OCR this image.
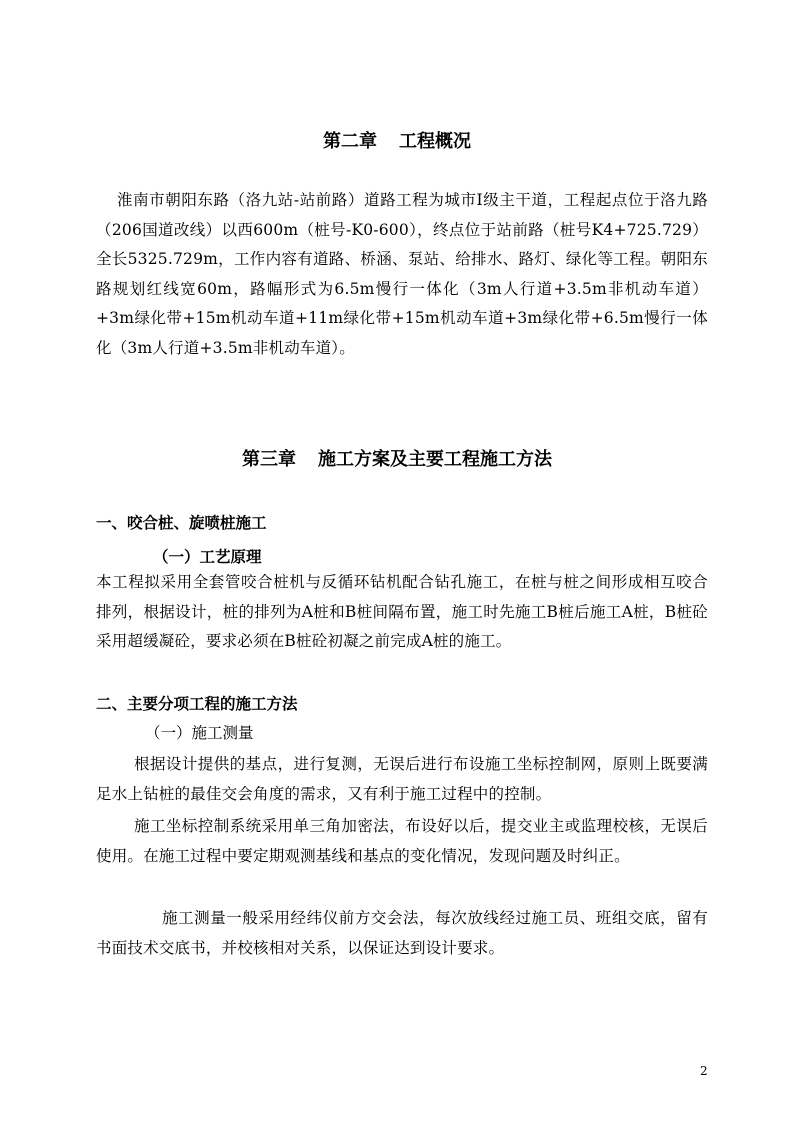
第二章 工程概况

淮南市朝阳东路（洛九站-站前路）道路工程为城市Ⅰ级主干道，工程起点位于洛九路（206国道改线）以西600m（桩号-K0-600），终点位于站前路（桩号K4+725.729）全长5325.729m，工作内容有道路、桥涵、泵站、给排水、路灯、绿化等工程。朝阳东路规划红线宽60m，路幅形式为6.5m慢行一体化（3m人行道+3.5m非机动车道）+3m绿化带+15m机动车道+11m绿化带+15m机动车道+3m绿化带+6.5m慢行一体化（3m人行道+3.5m非机动车道）。

第三章 施工方案及主要工程施工方法
一、咬合桩、旋喷桩施工
（一）工艺原理

本工程拟采用全套管咬合桩机与反循环钻机配合钻孔施工，在桩与桩之间形成相互咬合排列，根据设计，桩的排列为A桩和B桩间隔布置，施工时先施工B桩后施工A桩，B桩砼采用超缓凝砼，要求必须在B桩砼初凝之前完成A桩的施工。

二、主要分项工程的施工方法
（一）施工测量

根据设计提供的基点，进行复测，无误后进行布设施工坐标控制网，原则上既要满足水上钻桩的最佳交会角度的需求，又有利于施工过程中的控制。

施工坐标控制系统采用单三角加密法，布设好以后，提交业主或监理校核，无误后使用。在施工过程中要定期观测基线和基点的变化情况，发现问题及时纠正。

施工测量一般采用经纬仪前方交会法，每次放线经过施工员、班组交底，留有书面技术交底书，并校核相对关系，以保证达到设计要求。

2
